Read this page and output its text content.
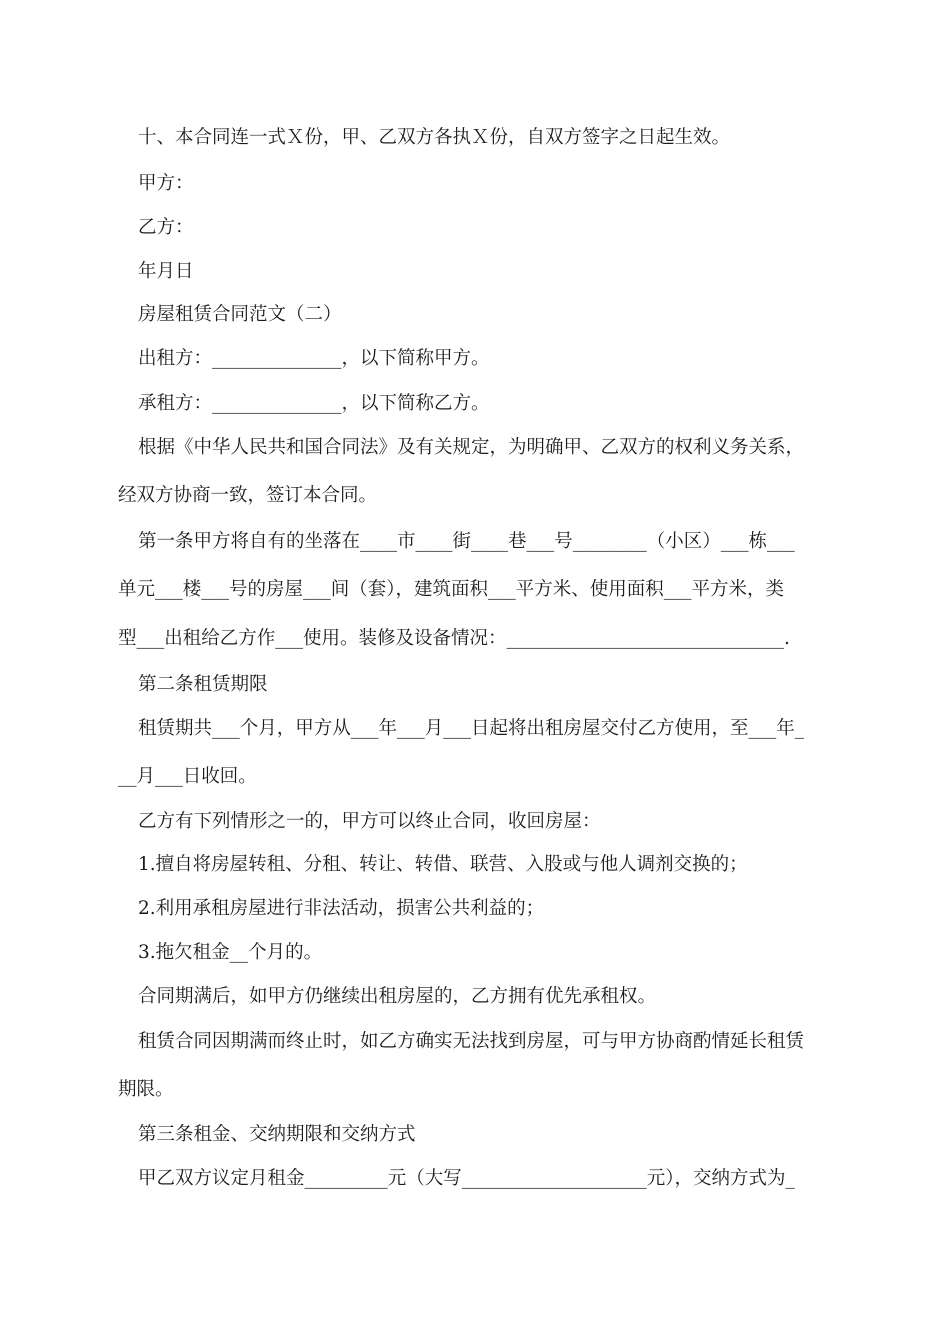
十、本合同连一式Ｘ份，甲、乙双方各执Ｘ份，自双方签字之日起生效。
甲方：
乙方：
年月日
房屋租赁合同范文（二）
出租方：______________，以下简称甲方。
承租方：______________，以下简称乙方。
根据《中华人民共和国合同法》及有关规定，为明确甲、乙双方的权利义务关系，
经双方协商一致，签订本合同。
第一条甲方将自有的坐落在____市____街____巷___号________（小区）___栋___
单元___楼___号的房屋___间（套），建筑面积___平方米、使用面积___平方米，类
型___出租给乙方作___使用。装修及设备情况：______________________________.
第二条租赁期限
租赁期共___个月，甲方从___年___月___日起将出租房屋交付乙方使用，至___年_
__月___日收回。
乙方有下列情形之一的，甲方可以终止合同，收回房屋：
1.擅自将房屋转租、分租、转让、转借、联营、入股或与他人调剂交换的；
2.利用承租房屋进行非法活动，损害公共利益的；
3.拖欠租金__个月的。
合同期满后，如甲方仍继续出租房屋的，乙方拥有优先承租权。
租赁合同因期满而终止时，如乙方确实无法找到房屋，可与甲方协商酌情延长租赁
期限。
第三条租金、交纳期限和交纳方式
甲乙双方议定月租金_________元（大写____________________元），交纳方式为_
